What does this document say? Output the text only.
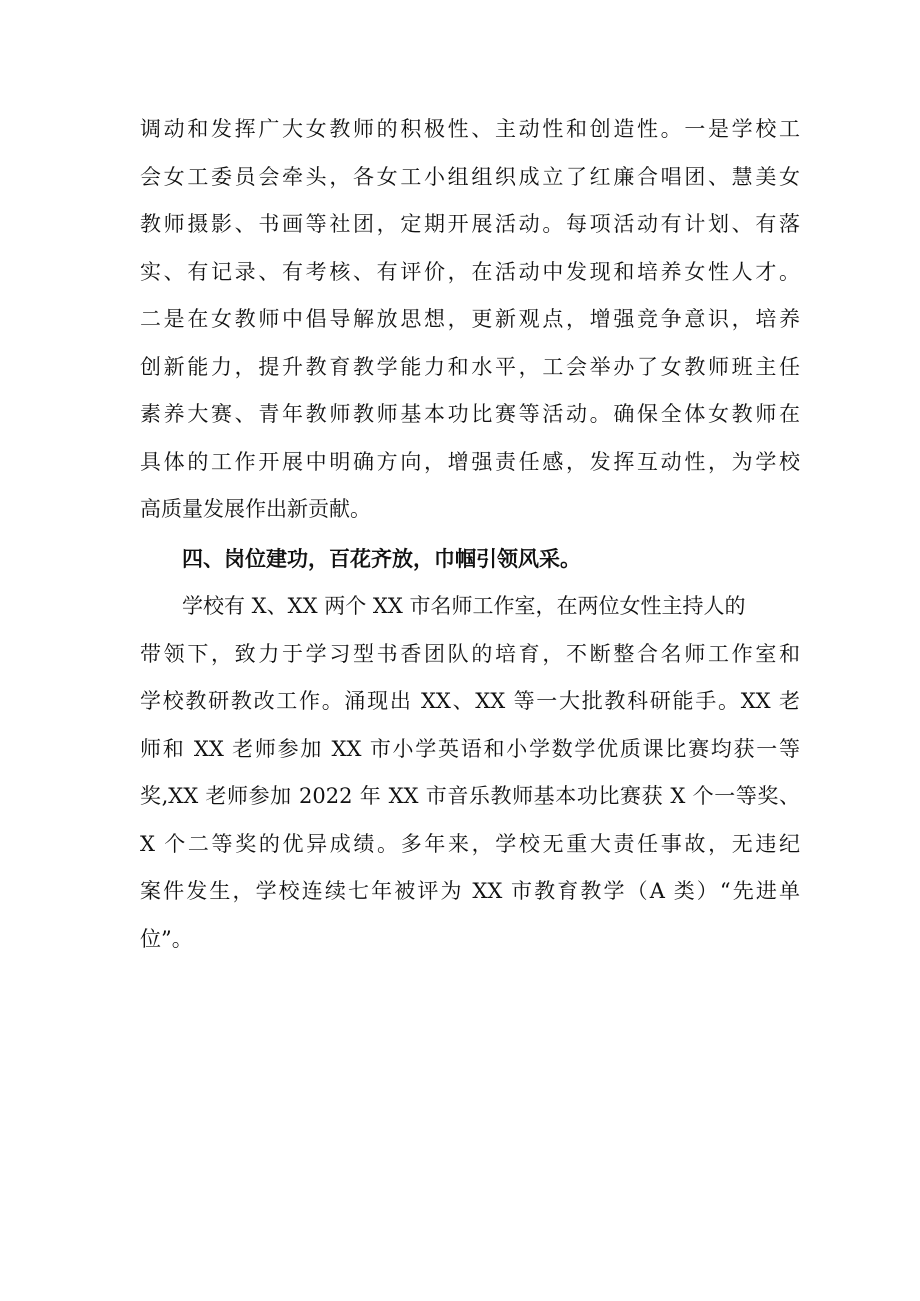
调动和发挥广大女教师的积极性、主动性和创造性。一是学校工
会女工委员会牵头，各女工小组组织成立了红廉合唱团、慧美女
教师摄影、书画等社团，定期开展活动。每项活动有计划、有落
实、有记录、有考核、有评价，在活动中发现和培养女性人才。
二是在女教师中倡导解放思想，更新观点，增强竞争意识，培养
创新能力，提升教育教学能力和水平，工会举办了女教师班主任
素养大赛、青年教师教师基本功比赛等活动。确保全体女教师在
具体的工作开展中明确方向，增强责任感，发挥互动性，为学校
高质量发展作出新贡献。
四、岗位建功，百花齐放，巾帼引领风采。
学校有 X、XX 两个 XX 市名师工作室，在两位女性主持人的
带领下，致力于学习型书香团队的培育，不断整合名师工作室和
学校教研教改工作。涌现出 XX、XX 等一大批教科研能手。XX 老
师和 XX 老师参加 XX 市小学英语和小学数学优质课比赛均获一等
奖,XX 老师参加 2022 年 XX 市音乐教师基本功比赛获 X 个一等奖、
X 个二等奖的优异成绩。多年来，学校无重大责任事故，无违纪
案件发生，学校连续七年被评为 XX 市教育教学（A 类）“先进单
位”。
